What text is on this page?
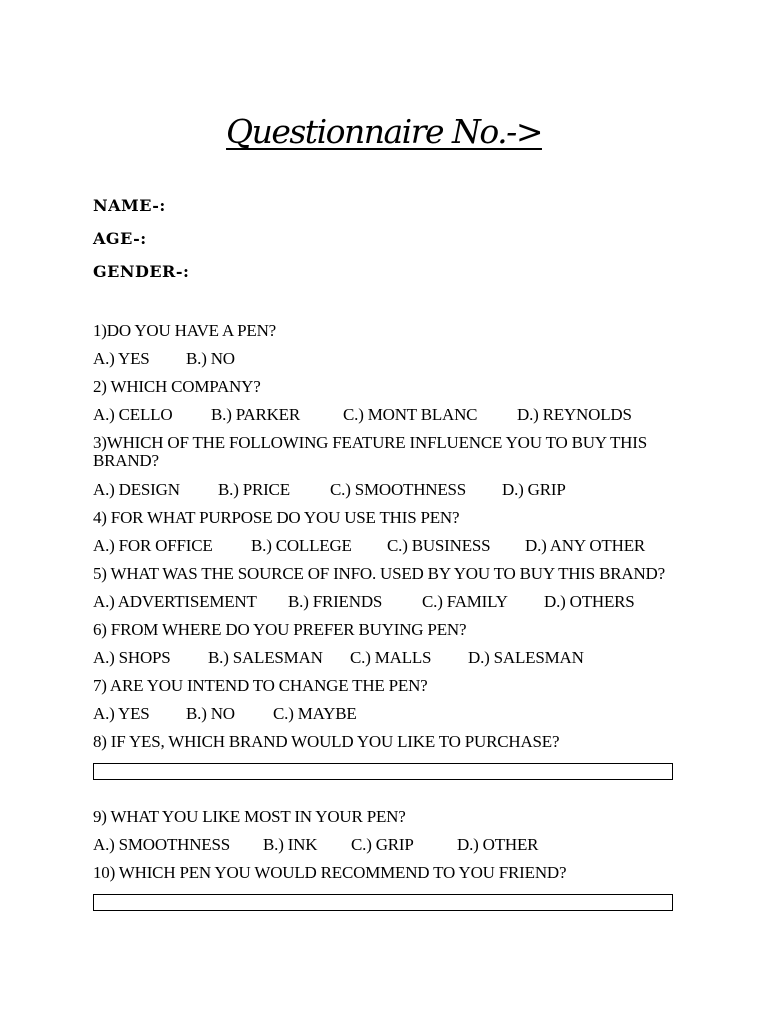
Questionnaire No.->
NAME-:
AGE-:
GENDER-:
1)DO YOU HAVE A PEN?
A.) YES B.) NO
2) WHICH COMPANY?
A.) CELLO B.) PARKER	C.) MONT BLANC D.) REYNOLDS
3)WHICH OF THE FOLLOWING FEATURE INFLUENCE YOU TO BUY THIS BRAND?
A.) DESIGN B.) PRICE C.) SMOOTHNESS D.) GRIP
4) FOR WHAT PURPOSE DO YOU USE THIS PEN?
A.) FOR OFFICE B.) COLLEGE C.) BUSINESS D.) ANY OTHER
5) WHAT WAS THE SOURCE OF INFO. USED BY YOU TO BUY THIS BRAND?
A.) ADVERTISEMENT B.) FRIENDS C.) FAMILY D.) OTHERS
6) FROM WHERE DO YOU PREFER BUYING PEN?
A.) SHOPS B.) SALESMAN C.) MALLS D.) SALESMAN
7) ARE YOU INTEND TO CHANGE THE PEN?
A.) YES B.) NO C.) MAYBE
8) IF YES, WHICH BRAND WOULD YOU LIKE TO PURCHASE?
9) WHAT YOU LIKE MOST IN YOUR PEN?
A.) SMOOTHNESS B.) INK C.) GRIP	D.) OTHER
10) WHICH PEN YOU WOULD RECOMMEND TO YOU FRIEND?
